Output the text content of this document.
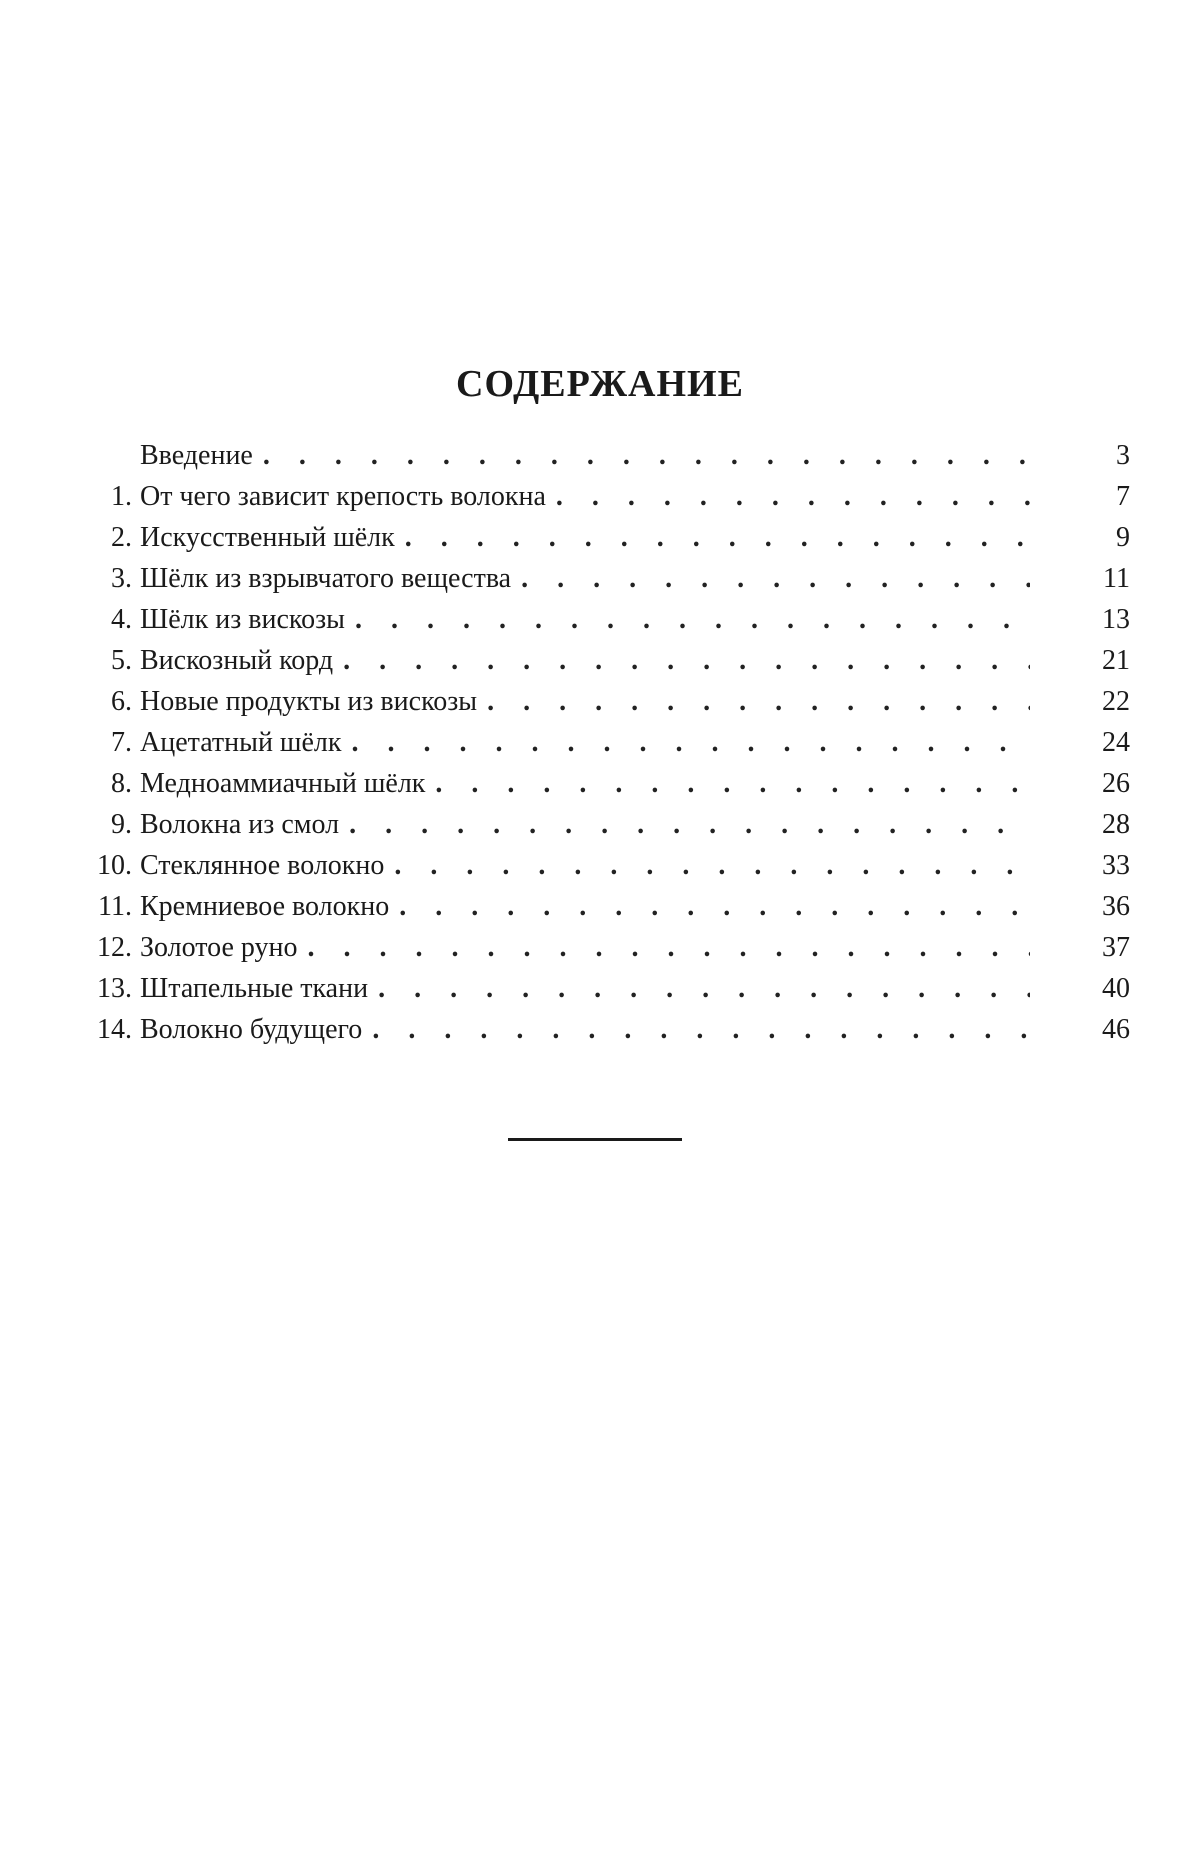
СОДЕРЖАНИЕ
Введение . . .	3
1. От чего зависит крепость волокна . . .	7
2. Искусственный шёлк . . .	9
3. Шёлк из взрывчатого вещества . . .	11
4. Шёлк из вискозы . . .	13
5. Вискозный корд . . .	21
6. Новые продукты из вискозы . . .	22
7. Ацетатный шёлк . . .	24
8. Медноаммиачный шёлк . . .	26
9. Волокна из смол . . .	28
10. Стеклянное волокно . . .	33
11. Кремниевое волокно . . .	36
12. Золотое руно . . .	37
13. Штапельные ткани . . .	40
14. Волокно будущего . . .	46
